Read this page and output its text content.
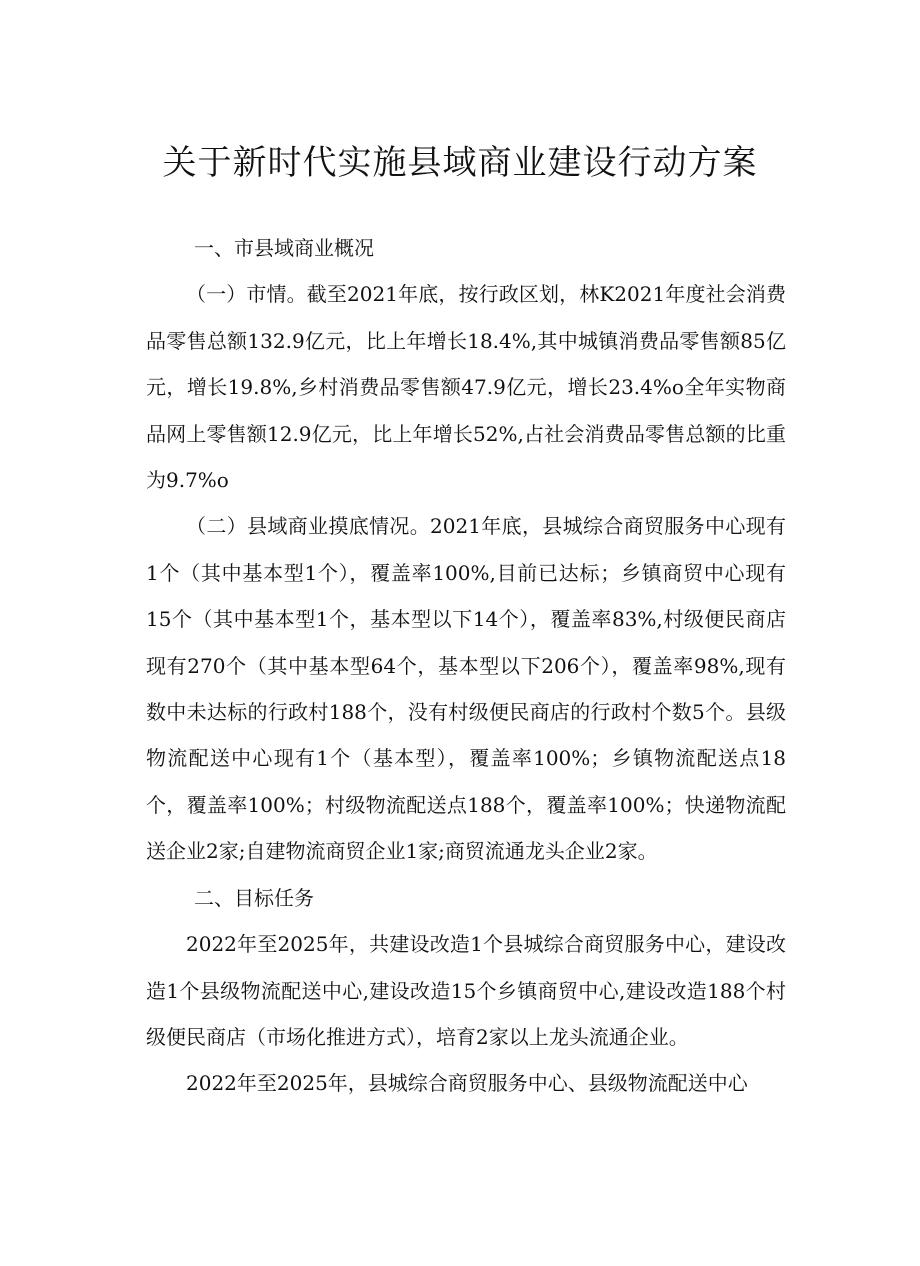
关于新时代实施县域商业建设行动方案

一、市县域商业概况

（一）市情。截至2021年底，按行政区划，林K2021年度社会消费品零售总额132.9亿元，比上年增长18.4%,其中城镇消费品零售额85亿元，增长19.8%,乡村消费品零售额47.9亿元，增长23.4%o全年实物商品网上零售额12.9亿元，比上年增长52%,占社会消费品零售总额的比重为9.7%o

（二）县域商业摸底情况。2021年底，县城综合商贸服务中心现有1个（其中基本型1个），覆盖率100%,目前已达标；乡镇商贸中心现有15个（其中基本型1个，基本型以下14个），覆盖率83%,村级便民商店现有270个（其中基本型64个，基本型以下206个），覆盖率98%,现有数中未达标的行政村188个，没有村级便民商店的行政村个数5个。县级物流配送中心现有1个（基本型），覆盖率100%；乡镇物流配送点18个，覆盖率100%；村级物流配送点188个，覆盖率100%；快递物流配送企业2家;自建物流商贸企业1家;商贸流通龙头企业2家。

二、目标任务

2022年至2025年，共建设改造1个县城综合商贸服务中心，建设改造1个县级物流配送中心,建设改造15个乡镇商贸中心,建设改造188个村级便民商店（市场化推进方式），培育2家以上龙头流通企业。

2022年至2025年，县城综合商贸服务中心、县级物流配送中心
